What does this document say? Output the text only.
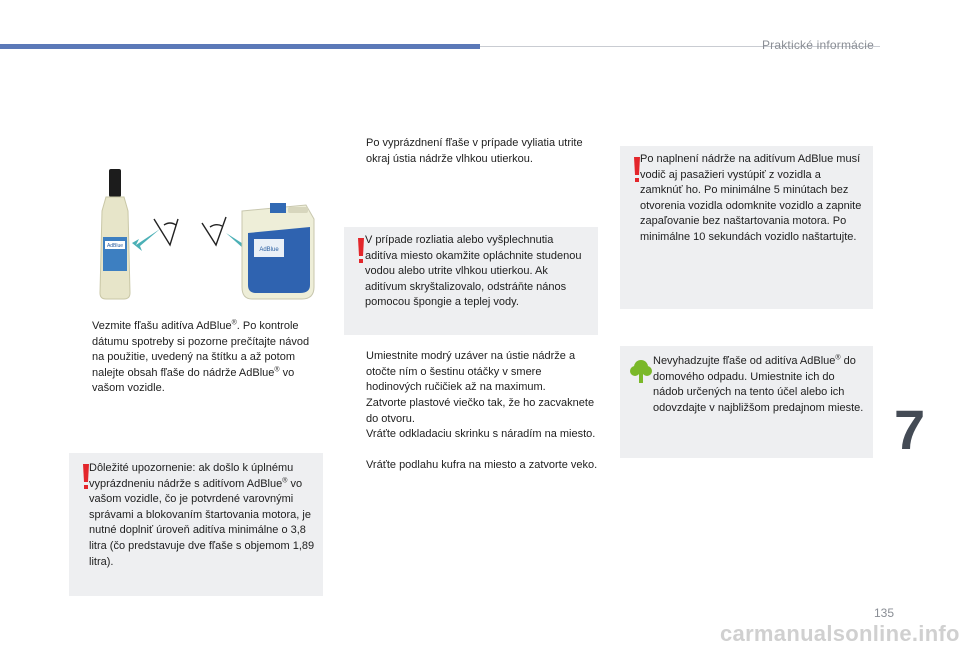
Praktické informácie
AdBlue
AdBlue
Vezmite fľašu aditíva AdBlue®. Po kontrole dátumu spotreby si pozorne prečítajte návod na použitie, uvedený na štítku a až potom nalejte obsah fľaše do nádrže AdBlue® vo vašom vozidle.
Dôležité upozornenie: ak došlo k úplnému vyprázdneniu nádrže s aditívom AdBlue® vo vašom vozidle, čo je potvrdené varovnými správami a blokovaním štartovania motora, je nutné doplniť úroveň aditíva minimálne o 3,8 litra (čo predstavuje dve fľaše s objemom 1,89 litra).
Po vyprázdnení fľaše v prípade vyliatia utrite okraj ústia nádrže vlhkou utierkou.
V prípade rozliatia alebo vyšplechnutia aditíva miesto okamžite opláchnite studenou vodou alebo utrite vlhkou utierkou. Ak aditívum skryštalizovalo, odstráňte nános pomocou špongie a teplej vody.
Umiestnite modrý uzáver na ústie nádrže a otočte ním o šestinu otáčky v smere hodinových ručičiek až na maximum.
Zatvorte plastové viečko tak, že ho zacvaknete do otvoru.
Vráťte odkladaciu skrinku s náradím na miesto.
Vráťte podlahu kufra na miesto a zatvorte veko.
Po naplnení nádrže na aditívum AdBlue musí vodič aj pasažieri vystúpiť z vozidla a zamknúť ho. Po minimálne 5 minútach bez otvorenia vozidla odomknite vozidlo a zapnite zapaľovanie bez naštartovania motora. Po minimálne 10 sekundách vozidlo naštartujte.
Nevyhadzujte fľaše od aditíva AdBlue® do domového odpadu. Umiestnite ich do nádob určených na tento účel alebo ich odovzdajte v najbližšom predajnom mieste. 7
135
carmanualsonline.info
